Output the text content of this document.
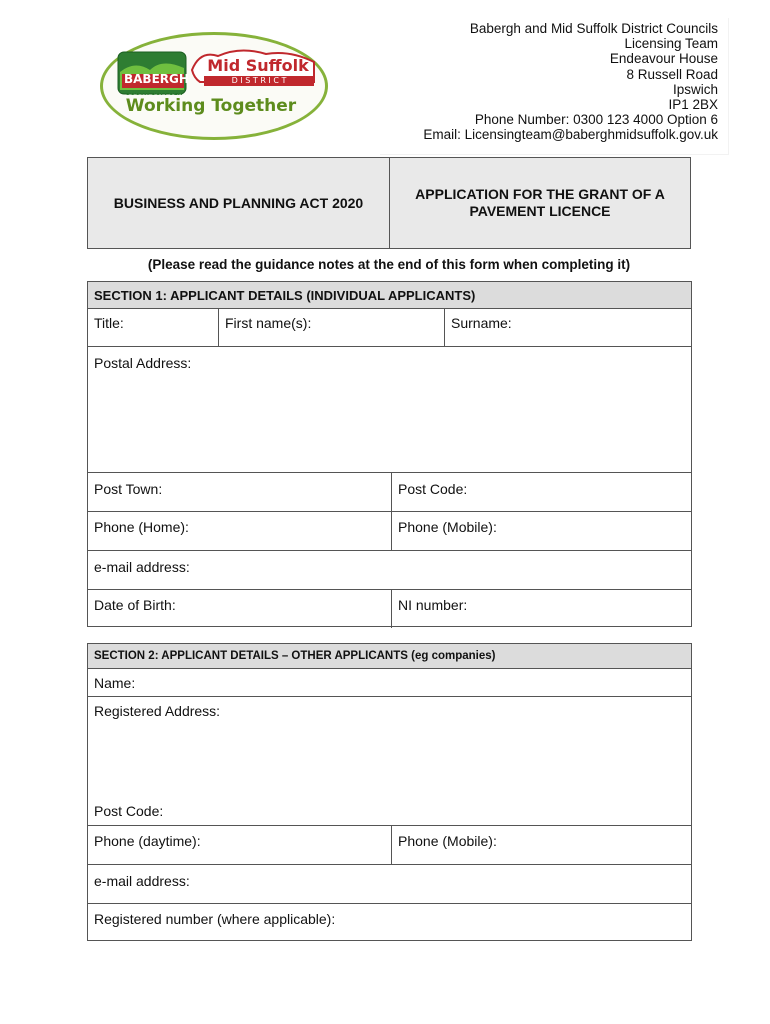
BABERGH
SOUTH SUFFOLK
Mid Suffolk
D I S T R I C T
Working Together
Babergh and Mid Suffolk District Councils
Licensing Team
Endeavour House
8 Russell Road
Ipswich
IP1 2BX
Phone Number: 0300 123 4000 Option 6
Email: Licensingteam@baberghmidsuffolk.gov.uk
BUSINESS AND PLANNING ACT 2020
APPLICATION FOR THE GRANT OF A
PAVEMENT LICENCE
(Please read the guidance notes at the end of this form when completing it)
SECTION 1: APPLICANT DETAILS (INDIVIDUAL APPLICANTS)
Title:	First name(s):	Surname:
Postal Address:
Post Town:	Post Code:
Phone (Home):	Phone (Mobile):
e-mail address:
Date of Birth:	NI number:
SECTION 2: APPLICANT DETAILS – OTHER APPLICANTS (eg companies)
Name:
Registered Address:
Post Code:
Phone (daytime):	Phone (Mobile):
e-mail address:
Registered number (where applicable):
